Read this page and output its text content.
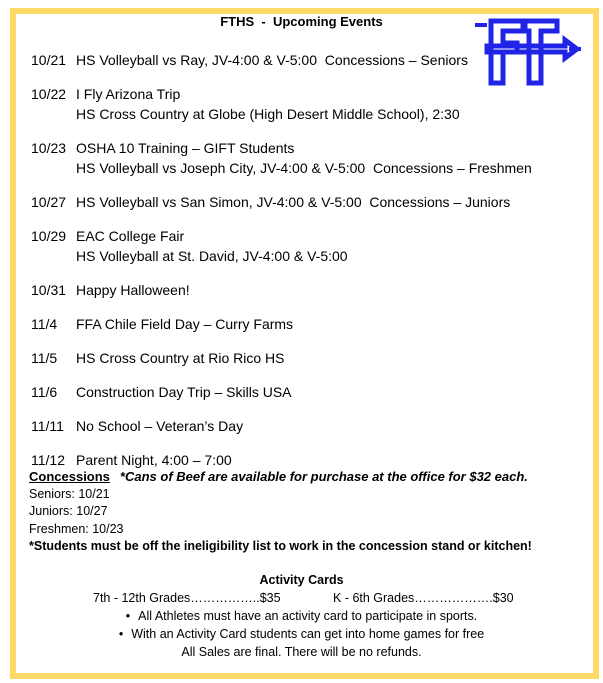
FTHS  -  Upcoming Events
10/21 HS Volleyball vs Ray, JV-4:00 & V-5:00  Concessions – Seniors
10/22 I Fly Arizona Trip
HS Cross Country at Globe (High Desert Middle School), 2:30
10/23 OSHA 10 Training – GIFT Students
HS Volleyball vs Joseph City, JV-4:00 & V-5:00  Concessions – Freshmen
10/27 HS Volleyball vs San Simon, JV-4:00 & V-5:00  Concessions – Juniors
10/29 EAC College Fair
HS Volleyball at St. David, JV-4:00 & V-5:00
10/31 Happy Halloween!
11/4 FFA Chile Field Day – Curry Farms
11/5 HS Cross Country at Rio Rico HS
11/6 Construction Day Trip – Skills USA
11/11 No School – Veteran’s Day
11/12 Parent Night, 4:00 – 7:00
Concessions *Cans of Beef are available for purchase at the office for $32 each.
Seniors: 10/21
Juniors: 10/27
Freshmen: 10/23
*Students must be off the ineligibility list to work in the concession stand or kitchen!
Activity Cards
7th - 12th Grades……………..$35	K - 6th Grades……………….$30
• All Athletes must have an activity card to participate in sports.
• With an Activity Card students can get into home games for free
All Sales are final. There will be no refunds.
